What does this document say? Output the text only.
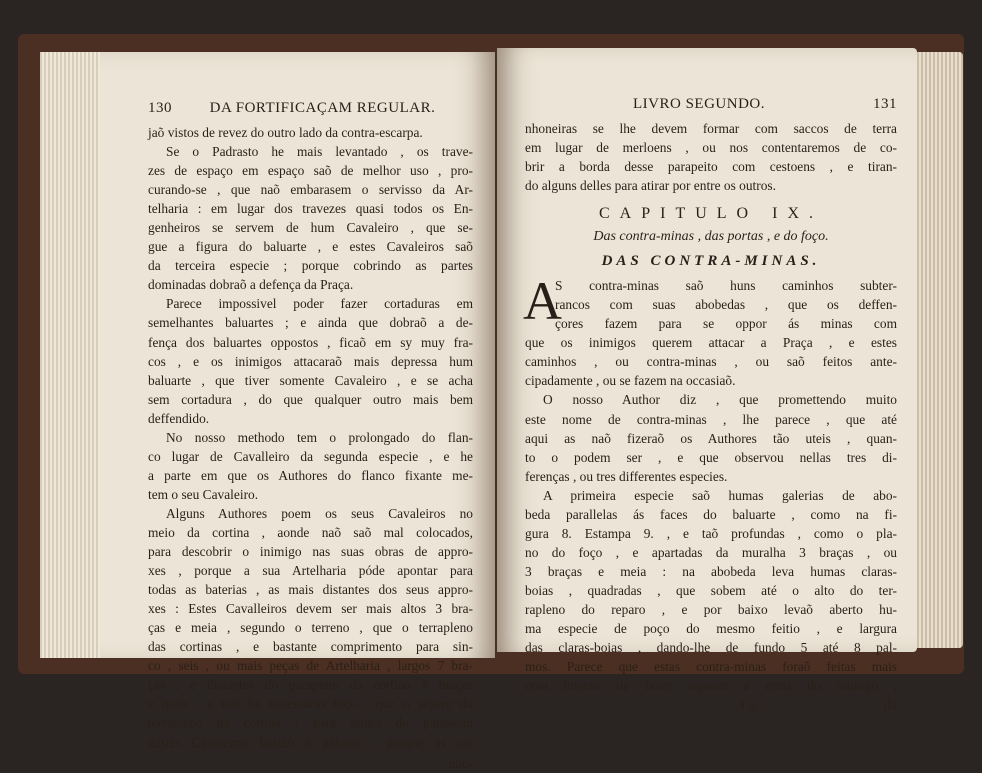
130	DA FORTIFICAÇAM REGULAR.
jaõ vistos de revez do outro lado da contra-escarpa.
Se o Padrasto he mais levantado , os trave-
zes de espaço em espaço saõ de melhor uso , pro-
curando-se , que naõ embarasem o servisso da Ar-
telharia : em lugar dos travezes quasi todos os En-
genheiros se servem de hum Cavaleiro , que se-
gue a figura do baluarte , e estes Cavaleiros saõ
da terceira especie ; porque cobrindo as partes
dominadas dobraõ a defença da Praça.
Parece impossivel poder fazer cortaduras em
semelhantes baluartes ; e ainda que dobraõ a de-
fença dos baluartes oppostos , ficaõ em sy muy fra-
cos , e os inimigos attacaraõ mais depressa hum
baluarte , que tiver somente Cavaleiro , e se acha
sem cortadura , do que qualquer outro mais bem
deffendido.
No nosso methodo tem o prolongado do flan-
co lugar de Cavalleiro da segunda especie , e he
a parte em que os Authores do flanco fixante me-
tem o seu Cavaleiro.
Alguns Authores poem os seus Cavaleiros no
meio da cortina , aonde naõ saõ mal colocados,
para descobrir o inimigo nas suas obras de appro-
xes , porque a sua Artelharia póde apontar para
todas as baterias , as mais distantes dos seus appro-
xes : Estes Cavalleiros devem ser mais altos 3 bra-
ças e meia , segundo o terreno , que o terrapleno
das cortinas , e bastante comprimento para sin-
co , seis , ou mais peças de Artelharia , largos 7 bra-
ças , e distantes do parapeito da cortina 4 braças
e meia , e naõ he necessario foço , que o separe do
terrapleno da cortina : para altura do parapeito
destes Cavaleiros bastaõ 6 palmos ; porque as ca-
nho-
LIVRO SEGUNDO.	131
nhoneiras se lhe devem formar com saccos de terra
em lugar de merloens , ou nos contentaremos de co-
brir a borda desse parapeito com cestoens , e tiran-
do alguns delles para atirar por entre os outros.
CAPITULO IX.
Das contra-minas , das portas , e do foço.
DAS CONTRA-MINAS.
A
S contra-minas saõ huns caminhos subter-
rancos com suas abobedas , que os deffen-
çores fazem para se oppor ás minas com
que os inimigos querem attacar a Praça , e estes
caminhos , ou contra-minas , ou saõ feitos ante-
cipadamente , ou se fazem na occasiaõ.
O nosso Author diz , que promettendo muito
este nome de contra-minas , lhe parece , que até
aqui as naõ fizeraõ os Authores tão uteis , quan-
to o podem ser , e que observou nellas tres di-
ferenças , ou tres differentes especies.
A primeira especie saõ humas galerias de abo-
beda parallelas ás faces do baluarte , como na fi-
gura 8. Estampa 9. , e taõ profundas , como o pla-
no do foço , e apartadas da muralha 3 braças , ou
3 braças e meia : na abobeda leva humas claras-
boias , quadradas , que sobem até o alto do ter-
rapleno do reparo , e por baixo levaõ aberto hu-
ma especie de poço do mesmo feitio , e largura
das claras-boias , dando-lhe de fundo 5 até 8 pal-
mos. Parece que estas contra-minas foraõ feitas mais
com intento de fazer vaporar a mina do inimigo ,
I ij	do
